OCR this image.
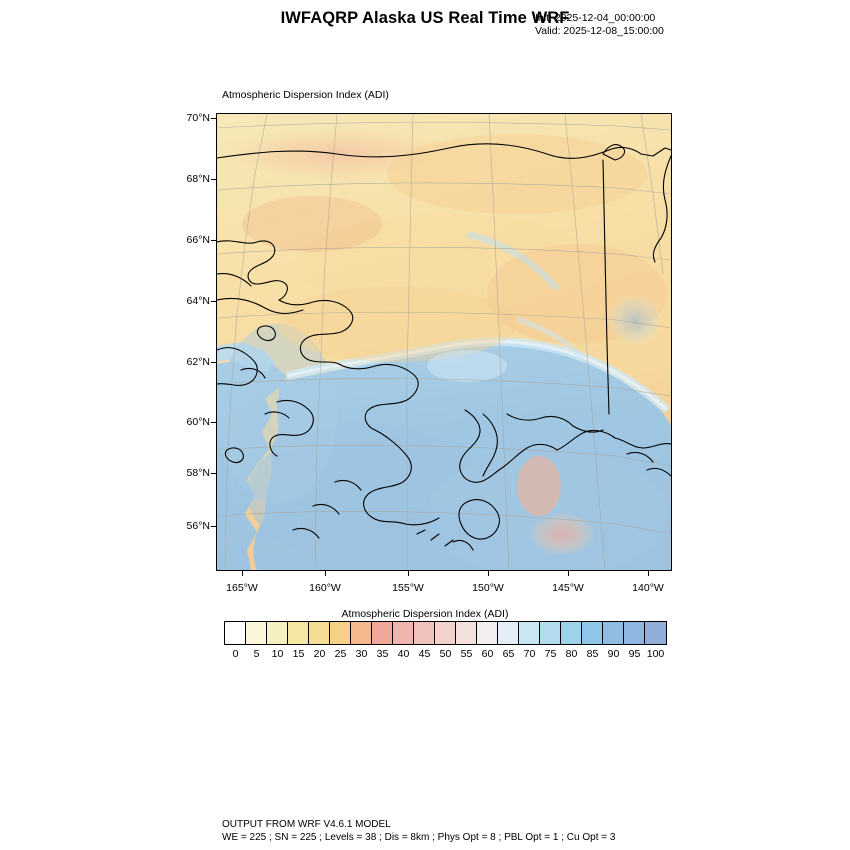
IWFAQRP Alaska US Real Time WRF
Init: 2025-12-04_00:00:00
Valid: 2025-12-08_15:00:00
Atmospheric Dispersion Index (ADI)
70°N
68°N
66°N
64°N
62°N
60°N
58°N
56°N
165°W	160°W	155°W	150°W	145°W	140°W
Atmospheric Dispersion Index (ADI)
0 5 10 15 20 25 30 35 40 45 50 55 60 65 70 75 80 85 90 95 100
OUTPUT FROM WRF V4.6.1 MODEL
WE = 225 ; SN = 225 ; Levels = 38 ; Dis = 8km ; Phys Opt = 8 ; PBL Opt = 1 ; Cu Opt = 3
